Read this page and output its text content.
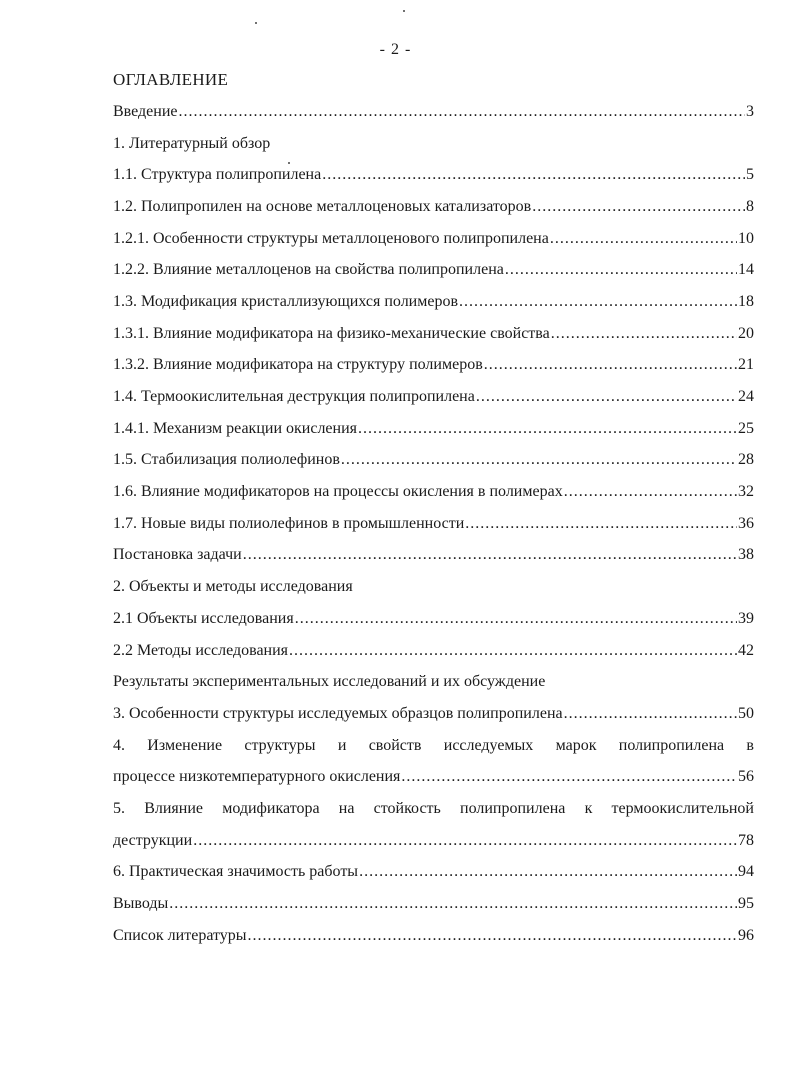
- 2 -
ОГЛАВЛЕНИЕ
Введение .....	3
1. Литературный обзор
1.1. Структура полипропилена .....	5
1.2. Полипропилен на основе металлоценовых катализаторов .....	8
1.2.1. Особенности структуры металлоценового полипропилена .....	10
1.2.2. Влияние металлоценов на свойства полипропилена .....	14
1.3. Модификация кристаллизующихся полимеров .....	18
1.3.1. Влияние модификатора на физико-механические свойства .....	20
1.3.2. Влияние модификатора на структуру полимеров .....	21
1.4. Термоокислительная деструкция полипропилена .....	24
1.4.1. Механизм реакции окисления .....	25
1.5. Стабилизация полиолефинов .....	28
1.6. Влияние модификаторов на процессы окисления в полимерах .....	32
1.7. Новые виды полиолефинов в промышленности .....	36
Постановка задачи .....	38
2. Объекты и методы исследования
2.1 Объекты исследования .....	39
2.2 Методы исследования .....	42
Результаты экспериментальных исследований и их обсуждение
3. Особенности структуры исследуемых образцов полипропилена .....	50
4. Изменение структуры и свойств исследуемых марок полипропилена в
процессе низкотемпературного окисления .....	56
5. Влияние модификатора на стойкость полипропилена к термоокислительной
деструкции .....	78
6. Практическая значимость работы .....	94
Выводы .....	95
Список литературы .....	96
